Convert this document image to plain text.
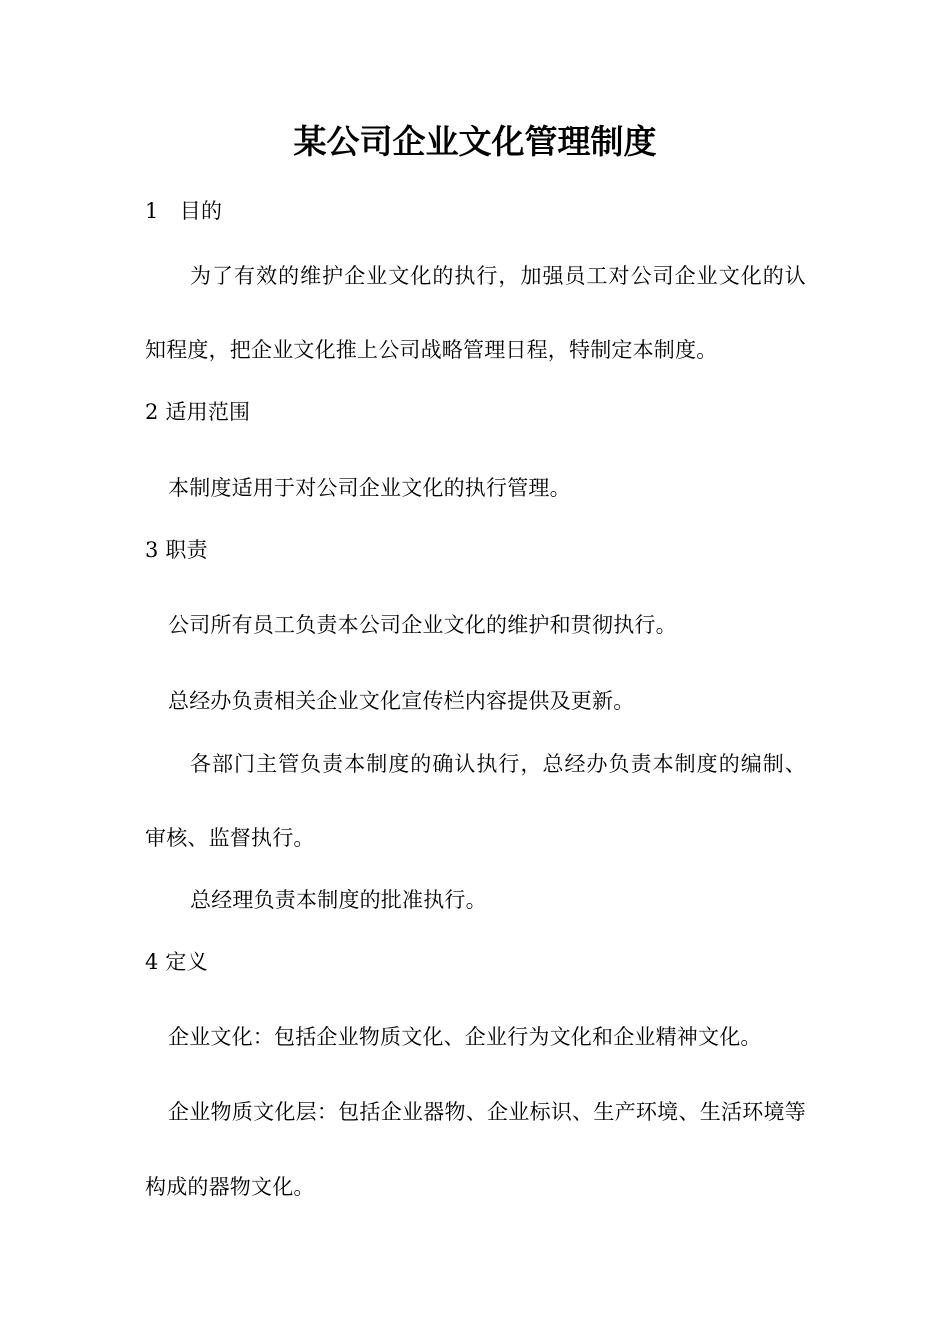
某公司企业文化管理制度
1　目的
为了有效的维护企业文化的执行，加强员工对公司企业文化的认
知程度，把企业文化推上公司战略管理日程，特制定本制度。
2 适用范围
本制度适用于对公司企业文化的执行管理。
3 职责
公司所有员工负责本公司企业文化的维护和贯彻执行。
总经办负责相关企业文化宣传栏内容提供及更新。
各部门主管负责本制度的确认执行，总经办负责本制度的编制、
审核、监督执行。
总经理负责本制度的批准执行。
4 定义
企业文化：包括企业物质文化、企业行为文化和企业精神文化。
企业物质文化层：包括企业器物、企业标识、生产环境、生活环境等
构成的器物文化。
